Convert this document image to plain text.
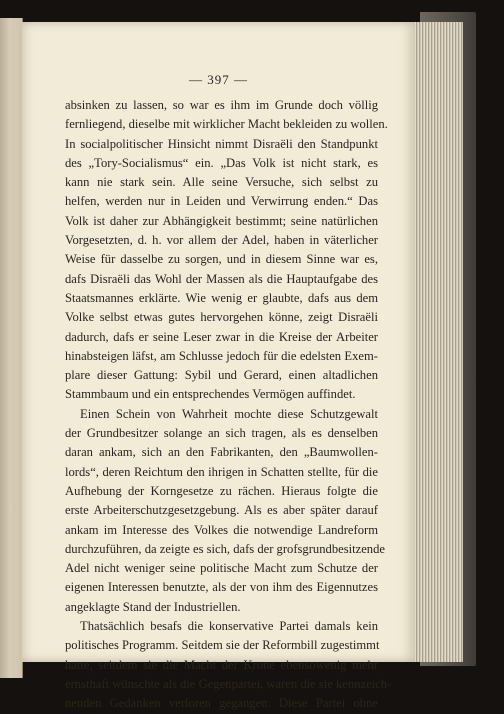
— 397 —
absinken zu lassen, so war es ihm im Grunde doch völlig
fernliegend, dieselbe mit wirklicher Macht bekleiden zu wollen.
In socialpolitischer Hinsicht nimmt Disraëli den Standpunkt
des „Tory-Socialismus“ ein. „Das Volk ist nicht stark, es
kann nie stark sein. Alle seine Versuche, sich selbst zu
helfen, werden nur in Leiden und Verwirrung enden.“ Das
Volk ist daher zur Abhängigkeit bestimmt; seine natürlichen
Vorgesetzten, d. h. vor allem der Adel, haben in väterlicher
Weise für dasselbe zu sorgen, und in diesem Sinne war es,
dafs Disraëli das Wohl der Massen als die Hauptaufgabe des
Staatsmannes erklärte. Wie wenig er glaubte, dafs aus dem
Volke selbst etwas gutes hervorgehen könne, zeigt Disraëli
dadurch, dafs er seine Leser zwar in die Kreise der Arbeiter
hinabsteigen läfst, am Schlusse jedoch für die edelsten Exem-
plare dieser Gattung: Sybil und Gerard, einen altadlichen
Stammbaum und ein entsprechendes Vermögen auffindet.
Einen Schein von Wahrheit mochte diese Schutzgewalt
der Grundbesitzer solange an sich tragen, als es denselben
daran ankam, sich an den Fabrikanten, den „Baumwollen-
lords“, deren Reichtum den ihrigen in Schatten stellte, für die
Aufhebung der Korngesetze zu rächen. Hieraus folgte die
erste Arbeiterschutzgesetzgebung. Als es aber später darauf
ankam im Interesse des Volkes die notwendige Landreform
durchzuführen, da zeigte es sich, dafs der grofsgrundbesitzende
Adel nicht weniger seine politische Macht zum Schutze der
eigenen Interessen benutzte, als der von ihm des Eigennutzes
angeklagte Stand der Industriellen.
Thatsächlich besafs die konservative Partei damals kein
politisches Programm. Seitdem sie der Reformbill zugestimmt
hatte, seitdem sie die Macht der Krone ebensowenig mehr
ernsthaft wünschte als die Gegenpartei, waren die sie kennzeich-
nenden Gedanken verloren gegangen. Diese Partei ohne
